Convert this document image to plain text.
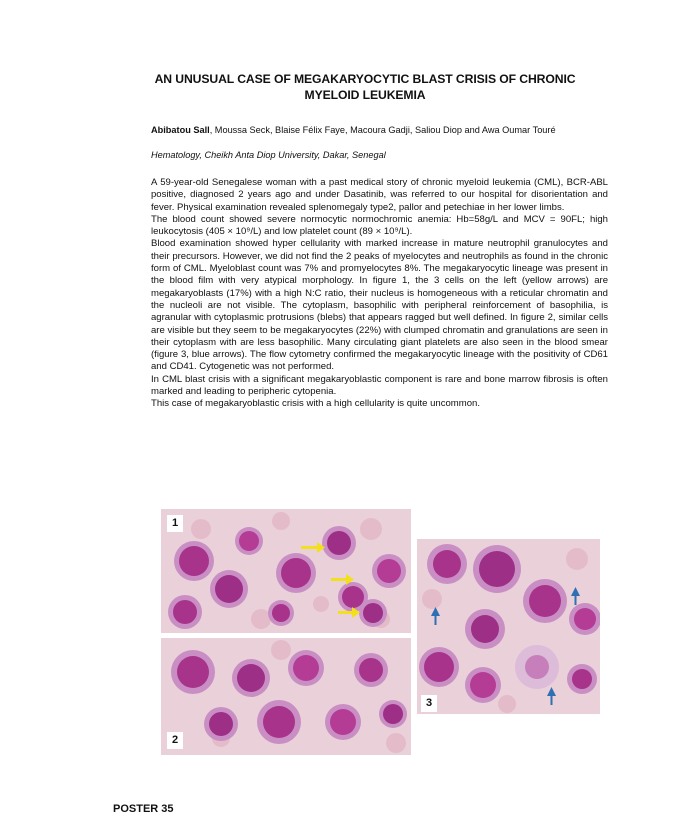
AN UNUSUAL CASE OF MEGAKARYOCYTIC BLAST CRISIS OF CHRONIC
MYELOID LEUKEMIA
Abibatou Sall, Moussa Seck, Blaise Félix Faye, Macoura Gadji, Saliou Diop and Awa Oumar Touré
Hematology, Cheikh Anta Diop University, Dakar, Senegal

A 59-year-old Senegalese woman with a past medical story of chronic myeloid leukemia (CML), BCR-ABL positive, diagnosed 2 years ago and under Dasatinib, was referred to our hospital for disorientation and fever. Physical examination revealed splenomegaly type2, pallor and petechiae in her lower limbs.

The blood count showed severe normocytic normochromic anemia: Hb=58g/L and MCV = 90FL; high leukocytosis (405 × 10⁹/L) and low platelet count (89 × 10⁹/L).

Blood examination showed hyper cellularity with marked increase in mature neutrophil granulocytes and their precursors. However, we did not find the 2 peaks of myelocytes and neutrophils as found in the chronic form of CML. Myeloblast count was 7% and promyelocytes 8%. The megakaryocytic lineage was present in the blood film with very atypical morphology. In figure 1, the 3 cells on the left (yellow arrows) are megakaryoblasts (17%) with a high N:C ratio, their nucleus is homogeneous with a reticular chromatin and the nucleoli are not visible. The cytoplasm, basophilic with peripheral reinforcement of basophilia, is agranular with cytoplasmic protrusions (blebs) that appears ragged but well defined. In figure 2, similar cells are visible but they seem to be megakaryocytes (22%) with clumped chromatin and granulations are seen in their cytoplasm with are less basophilic. Many circulating giant platelets are also seen in the blood smear (figure 3, blue arrows). The flow cytometry confirmed the megakaryocytic lineage with the positivity of CD61 and CD41. Cytogenetic was not performed.

In CML blast crisis with a significant megakaryoblastic component is rare and bone marrow fibrosis is often marked and leading to peripheric cytopenia.

This case of megakaryoblastic crisis with a high cellularity is quite uncommon.

1
2
3
POSTER 35
